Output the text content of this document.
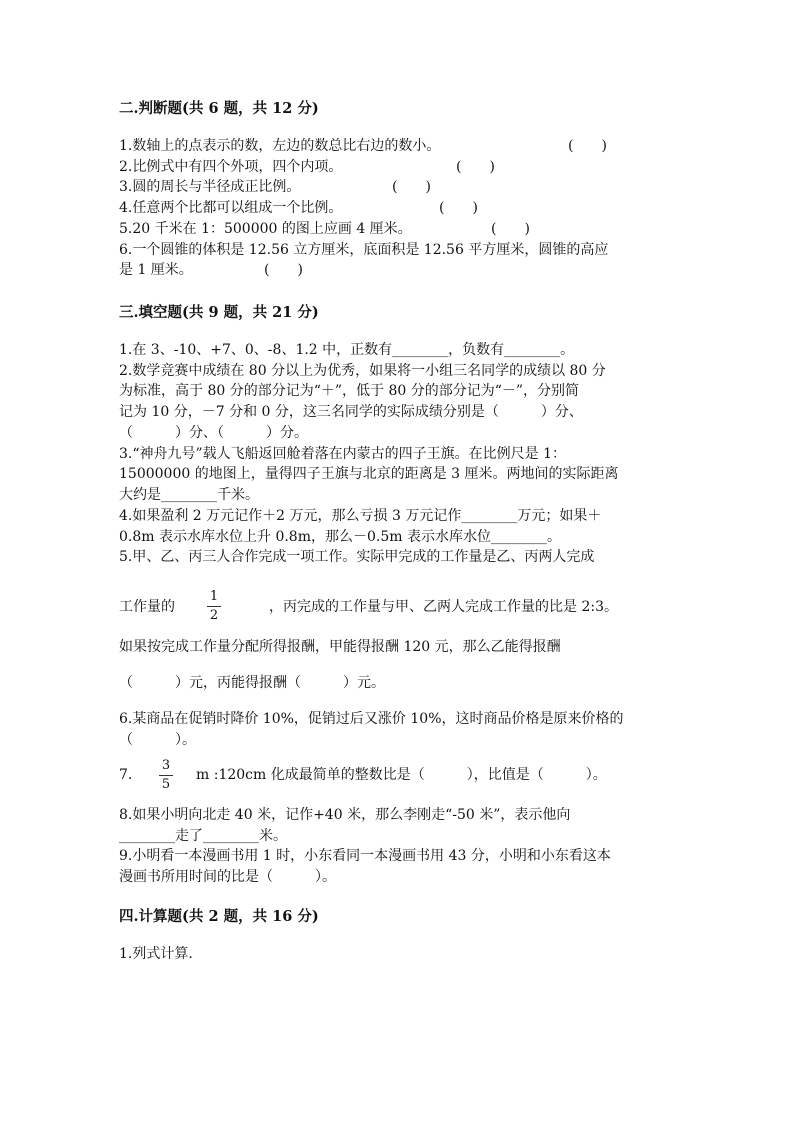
二.判断题(共 6 题，共 12 分)
1.数轴上的点表示的数，左边的数总比右边的数小。	(　　)
2.比例式中有四个外项，四个内项。	(　　)
3.圆的周长与半径成正比例。	(　　)
4.任意两个比都可以组成一个比例。	(　　)
5.20 千米在 1：500000 的图上应画 4 厘米。	(　　)
6.一个圆锥的体积是 12.56 立方厘米，底面积是 12.56 平方厘米，圆锥的高应
是 1 厘米。	(　　)
三.填空题(共 9 题，共 21 分)
1.在 3、-10、+7、0、-8、1.2 中，正数有________，负数有________。
2.数学竞赛中成绩在 80 分以上为优秀，如果将一小组三名同学的成绩以 80 分
为标准，高于 80 分的部分记为“＋”，低于 80 分的部分记为“－”，分别简
记为 10 分，－7 分和 0 分，这三名同学的实际成绩分别是（　　　）分、
（　　　）分、（　　　）分。
3.“神舟九号”载人飞船返回舱着落在内蒙古的四子王旗。在比例尺是 1：
15000000 的地图上，量得四子王旗与北京的距离是 3 厘米。两地间的实际距离
大约是________千米。
4.如果盈利 2 万元记作＋2 万元，那么亏损 3 万元记作________万元；如果＋
0.8m 表示水库水位上升 0.8m，那么－0.5m 表示水库水位________。
5.甲、乙、丙三人合作完成一项工作。实际甲完成的工作量是乙、丙两人完成
工作量的	，丙完成的工作量与甲、乙两人完成工作量的比是 2:3。
1
2
如果按完成工作量分配所得报酬，甲能得报酬 120 元，那么乙能得报酬
（　　　）元，丙能得报酬（　　　）元。
6.某商品在促销时降价 10%，促销过后又涨价 10%，这时商品价格是原来价格的
（　　　）。
7.	m :120cm 化成最简单的整数比是（　　　），比值是（　　　）。
3
5
8.如果小明向北走 40 米，记作+40 米，那么李刚走“-50 米”，表示他向
________走了________米。
9.小明看一本漫画书用 1 时，小东看同一本漫画书用 43 分，小明和小东看这本
漫画书所用时间的比是（　　　）。
四.计算题(共 2 题，共 16 分)
1.列式计算.
